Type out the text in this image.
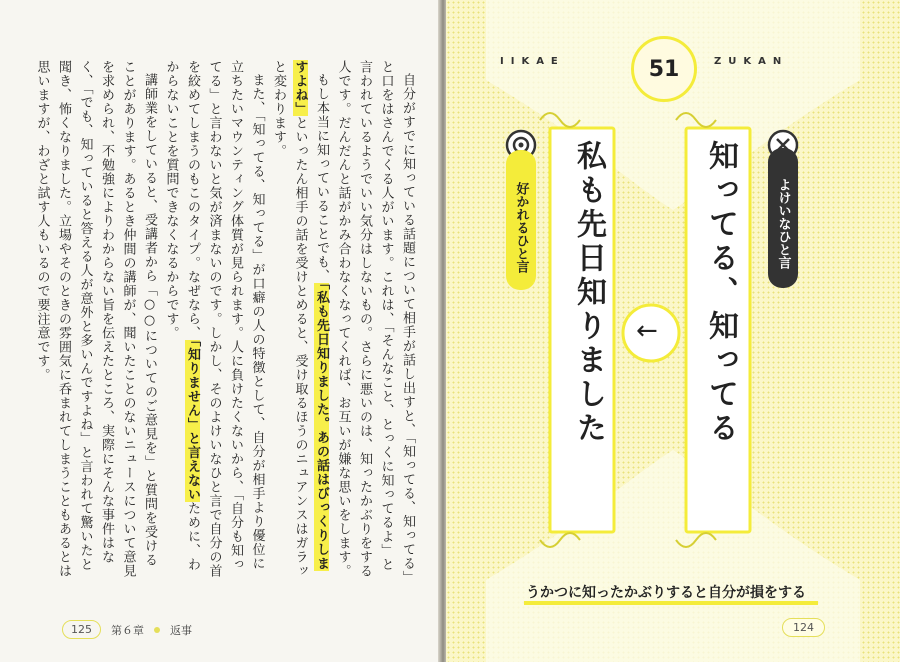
自分がすでに知っている話題について相手が話し出すと、「知ってる、知ってる」と口をはさんでくる人がいます。これは、「そんなこと、とっくに知ってるよ」と言われているようでいい気分はしないもの。さらに悪いのは、知ったかぶりをする人です。だんだんと話がかみ合わなくなってくれば、お互いが嫌な思いをします。

もし本当に知っていることでも、「私も先日知りました。あの話はびっくりしますよね」といったん相手の話を受けとめると、受け取るほうのニュアンスはガラッと変わります。

また、「知ってる、知ってる」が口癖の人の特徴として、自分が相手より優位に立ちたいマウンティング体質が見られます。人に負けたくないから、「自分も知ってる」と言わないと気が済まないのです。しかし、そのよけいなひと言で自分の首を絞めてしまうのもこのタイプ。なぜなら、「知りません」と言えないために、わからないことを質問できなくなるからです。

講師業をしていると、受講者から「○○についてのご意見を」と質問を受けることがあります。あるとき仲間の講師が、聞いたことのないニュースについて意見を求められ、不勉強によりわからない旨を伝えたところ、実際にそんな事件はなく、「でも、知っていると答える人が意外と多いんですよね」と言われて驚いたと聞き、怖くなりました。立場やそのときの雰囲気に呑まれてしまうこともあるとは思いますが、わざと試す人もいるので要注意です。

125	第６章 返事
IIKAE	51	ZUKAN
よけいなひと言
知ってる、知ってる
←
好かれるひと言 私も先日知りました
うかつに知ったかぶりすると自分が損をする
124
